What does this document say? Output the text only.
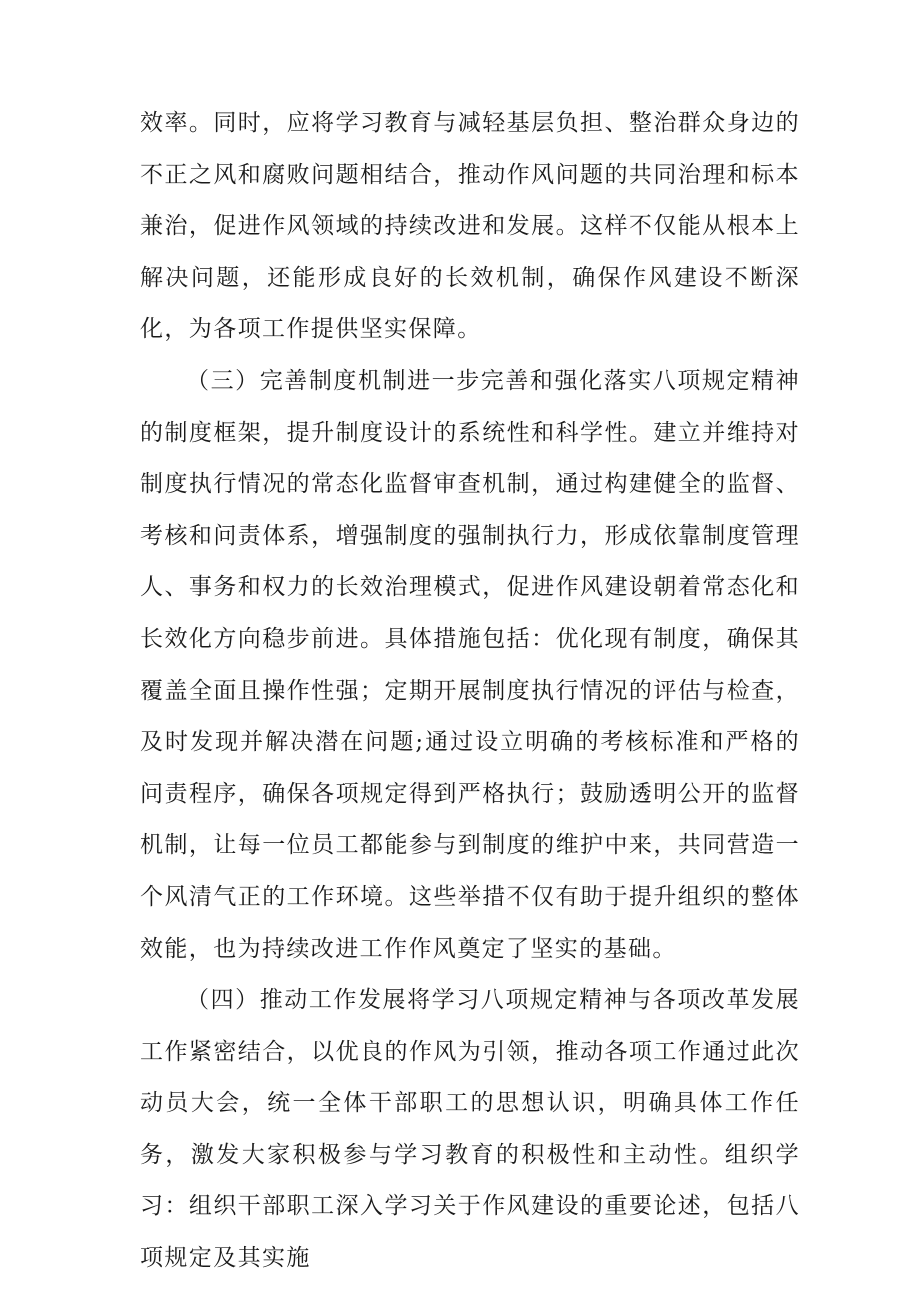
效率。同时，应将学习教育与减轻基层负担、整治群众身边的不正之风和腐败问题相结合，推动作风问题的共同治理和标本兼治，促进作风领域的持续改进和发展。这样不仅能从根本上解决问题，还能形成良好的长效机制，确保作风建设不断深化，为各项工作提供坚实保障。

（三）完善制度机制进一步完善和强化落实八项规定精神的制度框架，提升制度设计的系统性和科学性。建立并维持对制度执行情况的常态化监督审查机制，通过构建健全的监督、考核和问责体系，增强制度的强制执行力，形成依靠制度管理人、事务和权力的长效治理模式，促进作风建设朝着常态化和长效化方向稳步前进。具体措施包括：优化现有制度，确保其覆盖全面且操作性强；定期开展制度执行情况的评估与检查，及时发现并解决潜在问题;通过设立明确的考核标准和严格的问责程序，确保各项规定得到严格执行；鼓励透明公开的监督机制，让每一位员工都能参与到制度的维护中来，共同营造一个风清气正的工作环境。这些举措不仅有助于提升组织的整体效能，也为持续改进工作作风奠定了坚实的基础。

（四）推动工作发展将学习八项规定精神与各项改革发展工作紧密结合，以优良的作风为引领，推动各项工作通过此次动员大会，统一全体干部职工的思想认识，明确具体工作任务，激发大家积极参与学习教育的积极性和主动性。组织学习：组织干部职工深入学习关于作风建设的重要论述，包括八项规定及其实施
